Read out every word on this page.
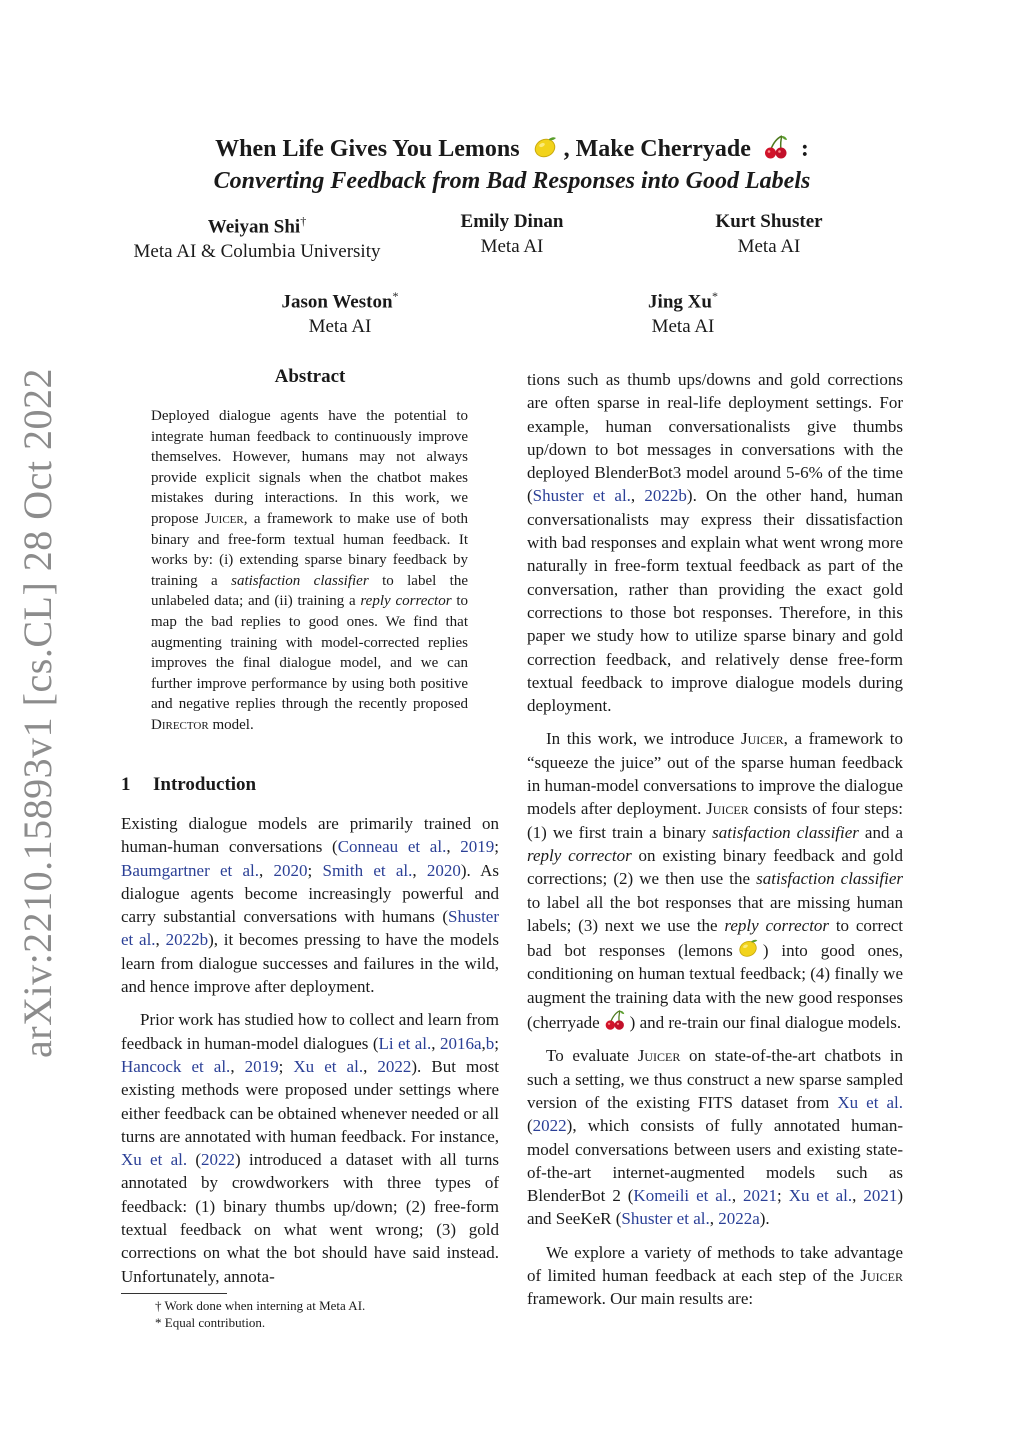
arXiv:2210.15893v1 [cs.CL] 28 Oct 2022
When Life Gives You Lemons , Make Cherryade :
Converting Feedback from Bad Responses into Good Labels
Weiyan Shi†
Meta AI & Columbia University
Emily Dinan
Meta AI
Kurt Shuster
Meta AI
Jason Weston*
Meta AI
Jing Xu*
Meta AI
Abstract
Deployed dialogue agents have the potential to integrate human feedback to continuously improve themselves. However, humans may not always provide explicit signals when the chatbot makes mistakes during interactions. In this work, we propose Juicer, a framework to make use of both binary and free-form textual human feedback. It works by: (i) extending sparse binary feedback by training a satisfaction classifier to label the unlabeled data; and (ii) training a reply corrector to map the bad replies to good ones. We find that augmenting training with model-corrected replies improves the final dialogue model, and we can further improve performance by using both positive and negative replies through the recently proposed Director model.
1 Introduction

Existing dialogue models are primarily trained on human-human conversations (Conneau et al., 2019; Baumgartner et al., 2020; Smith et al., 2020). As dialogue agents become increasingly powerful and carry substantial conversations with humans (Shuster et al., 2022b), it becomes pressing to have the models learn from dialogue successes and failures in the wild, and hence improve after deployment.

Prior work has studied how to collect and learn from feedback in human-model dialogues (Li et al., 2016a,b; Hancock et al., 2019; Xu et al., 2022). But most existing methods were proposed under settings where either feedback can be obtained whenever needed or all turns are annotated with human feedback. For instance, Xu et al. (2022) introduced a dataset with all turns annotated by crowdworkers with three types of feedback: (1) binary thumbs up/down; (2) free-form textual feedback on what went wrong; (3) gold corrections on what the bot should have said instead. Unfortunately, annota-

† Work done when interning at Meta AI.
* Equal contribution.

tions such as thumb ups/downs and gold corrections are often sparse in real-life deployment settings. For example, human conversationalists give thumbs up/down to bot messages in conversations with the deployed BlenderBot3 model around 5-6% of the time (Shuster et al., 2022b). On the other hand, human conversationalists may express their dissatisfaction with bad responses and explain what went wrong more naturally in free-form textual feedback as part of the conversation, rather than providing the exact gold corrections to those bot responses. Therefore, in this paper we study how to utilize sparse binary and gold correction feedback, and relatively dense free-form textual feedback to improve dialogue models during deployment.

In this work, we introduce Juicer, a framework to “squeeze the juice” out of the sparse human feedback in human-model conversations to improve the dialogue models after deployment. Juicer consists of four steps: (1) we first train a binary satisfaction classifier and a reply corrector on existing binary feedback and gold corrections; (2) we then use the satisfaction classifier to label all the bot responses that are missing human labels; (3) next we use the reply corrector to correct bad bot responses (lemons ) into good ones, conditioning on human textual feedback; (4) finally we augment the training data with the new good responses (cherryade ) and re-train our final dialogue models.

To evaluate Juicer on state-of-the-art chatbots in such a setting, we thus construct a new sparse sampled version of the existing FITS dataset from Xu et al. (2022), which consists of fully annotated human-model conversations between users and existing state-of-the-art internet-augmented models such as BlenderBot 2 (Komeili et al., 2021; Xu et al., 2021) and SeeKeR (Shuster et al., 2022a).

We explore a variety of methods to take advantage of limited human feedback at each step of the Juicer framework. Our main results are:
